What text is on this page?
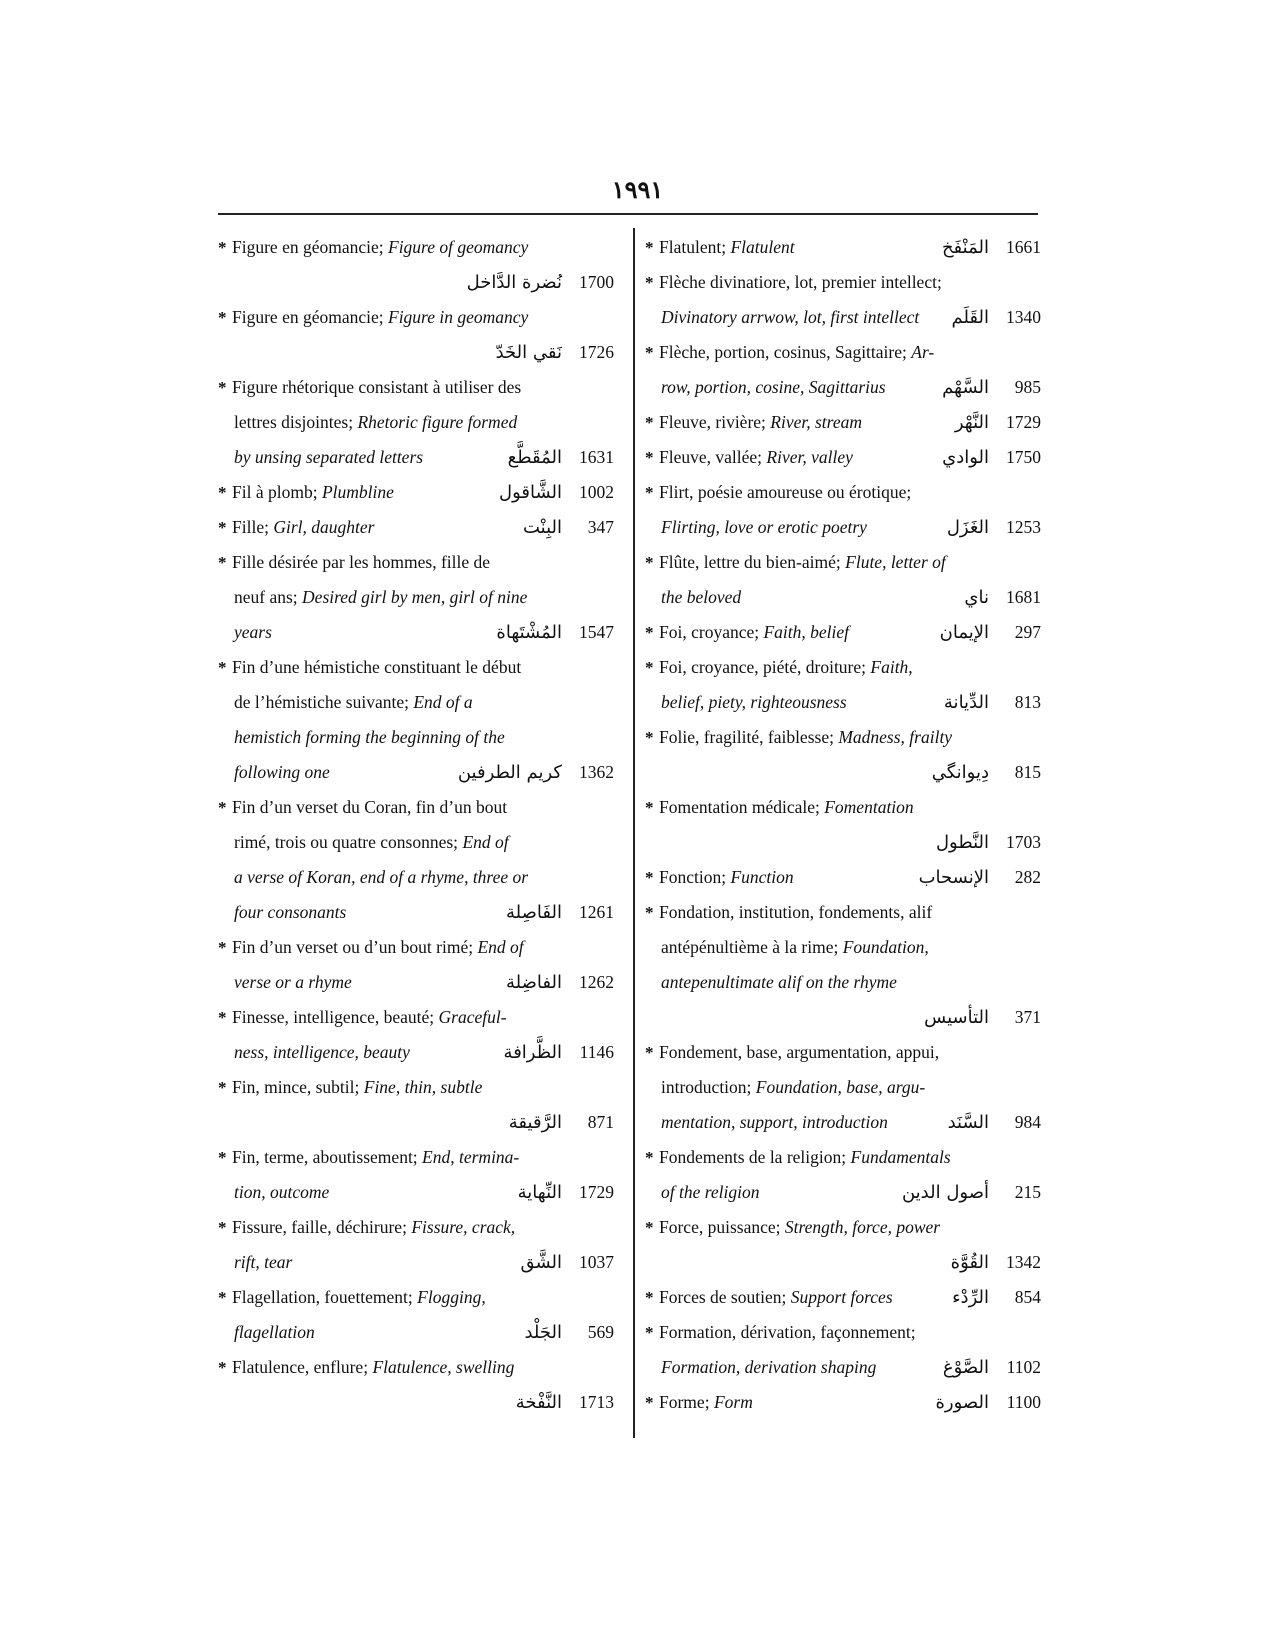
١٩٩١
* Figure en géomancie; Figure of geomancy
نُضرة الدَّاخل 1700
* Figure en géomancie; Figure in geomancy
نَقي الخَدّ 1726
* Figure rhétorique consistant à utiliser des
lettres disjointes; Rhetoric figure formed
by unsing separated letters	المُقَطَّع 1631
* Fil à plomb; Plumbline	الشَّاقول 1002
* Fille; Girl, daughter	البِنْت	347
* Fille désirée par les hommes, fille de
neuf ans; Desired girl by men, girl of nine
years	المُشْتَهاة 1547
* Fin d’une hémistiche constituant le début
de l’hémistiche suivante; End of a
hemistich forming the beginning of the
following one	كريم الطرفين 1362
* Fin d’un verset du Coran, fin d’un bout
rimé, trois ou quatre consonnes; End of
a verse of Koran, end of a rhyme, three or
four consonants	الفَاصِلة 1261
* Fin d’un verset ou d’un bout rimé; End of
verse or a rhyme	الفاضِلة 1262
* Finesse, intelligence, beauté; Graceful-
ness, intelligence, beauty	الظَّرافة	1146
* Fin, mince, subtil; Fine, thin, subtle
الرَّقيقة	871
* Fin, terme, aboutissement; End, termina-
tion, outcome	النِّهاية 1729
* Fissure, faille, déchirure; Fissure, crack,
rift, tear	الشَّق 1037
* Flagellation, fouettement; Flogging,
flagellation	الجَلْد	569
* Flatulence, enflure; Flatulence, swelling
النَّفْخة 1713
* Flatulent; Flatulent	المَنْفَخ 1661
* Flèche divinatiore, lot, premier intellect;
Divinatory arrwow, lot, first intellect القَلَم 1340
* Flèche, portion, cosinus, Sagittaire; Ar-
row, portion, cosine, Sagittarius	السَّهْم	985
* Fleuve, rivière; River, stream	النَّهْر 1729
* Fleuve, vallée; River, valley	الوادي 1750
* Flirt, poésie amoureuse ou érotique;
Flirting, love or erotic poetry	الغَزَل 1253
* Flûte, lettre du bien-aimé; Flute, letter of
the beloved	ناي 1681
* Foi, croyance; Faith, belief	الإيمان	297
* Foi, croyance, piété, droiture; Faith,
belief, piety, righteousness	الدِّيانة	813
* Folie, fragilité, faiblesse; Madness, frailty
دِيوانگي	815
* Fomentation médicale; Fomentation
النَّطول 1703
* Fonction; Function	الإنسحاب	282
* Fondation, institution, fondements, alif
antépénultième à la rime; Foundation,
antepenultimate alif on the rhyme
التأسيس	371
* Fondement, base, argumentation, appui,
introduction; Foundation, base, argu-
mentation, support, introduction	السَّنَد	984
* Fondements de la religion; Fundamentals
of the religion	أصول الدين	215
* Force, puissance; Strength, force, power
القُوَّة 1342
* Forces de soutien; Support forces	الرِّدْء	854
* Formation, dérivation, façonnement;
Formation, derivation shaping	الصَّوْغ	1102
* Forme; Form	الصورة	1100
